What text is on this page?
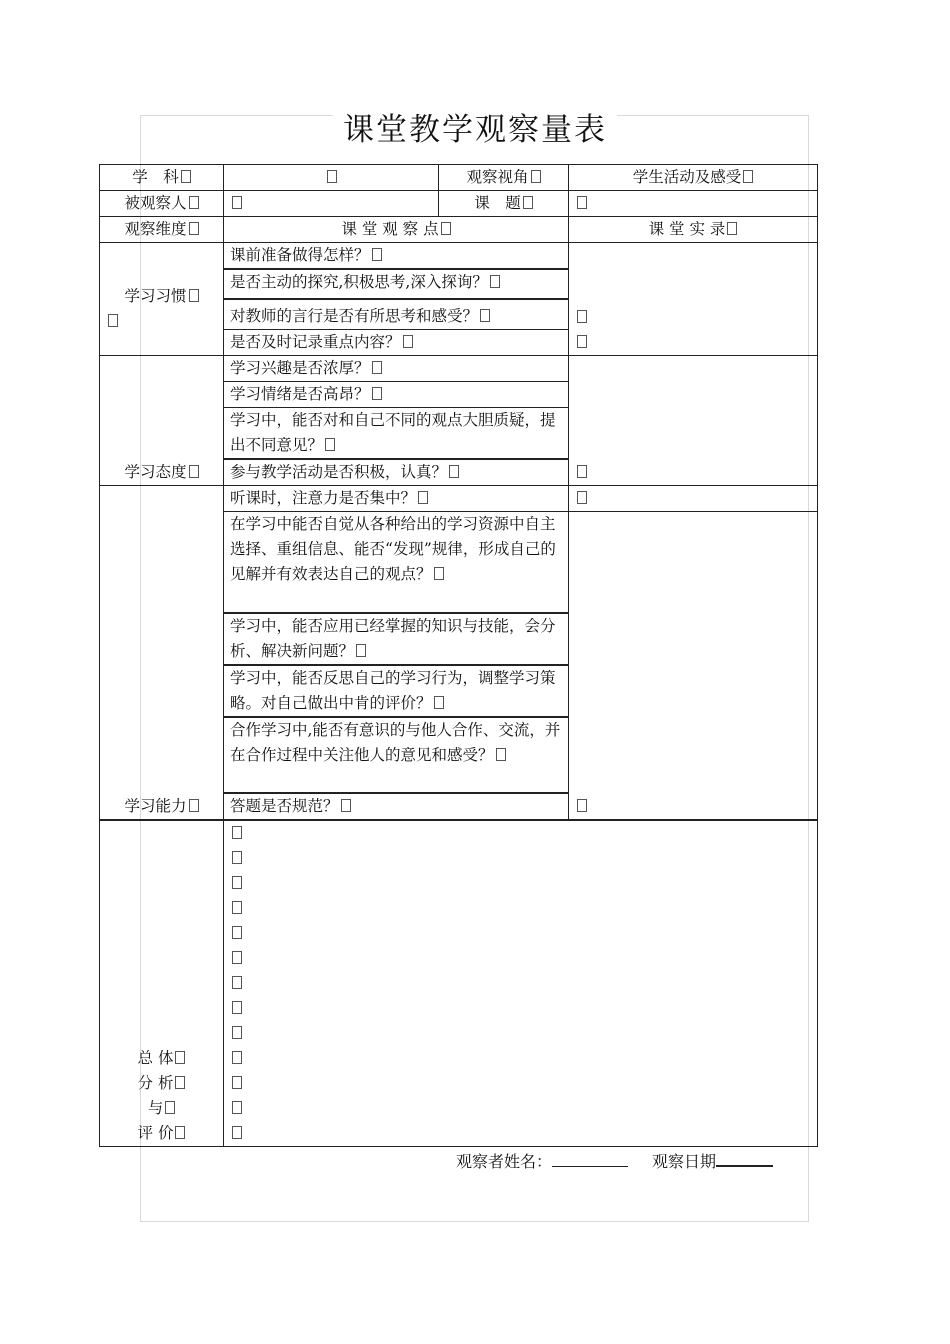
课堂教学观察量表
学　科		观察视角	学生活动及感受
被观察人		课　题	
观察维度	课 堂 观 察 点		课 堂 实 录

学习习惯	课前准备做得怎样？		

	是否主动的探究,积极思考,深入探询？		
	对教师的言行是否有所思考和感受？		
	是否及时记录重点内容？		
学习态度	学习兴趣是否浓厚？		

	学习情绪是否高昂？		
	学习中，能否对和自己不同的观点大胆质疑，提出不同意见？		
	参与教学活动是否积极，认真？		
学习能力	听课时，注意力是否集中？		
	在学习中能否自觉从各种给出的学习资源中自主选择、重组信息、能否“发现”规律，形成自己的见解并有效表达自己的观点？		

	学习中，能否应用已经掌握的知识与技能，会分析、解决新问题？		
	学习中，能否反思自己的学习行为，调整学习策略。对自己做出中肯的评价？		
	合作学习中,能否有意识的与他人合作、交流，并在合作过程中关注他人的意见和感受？		
	答题是否规范？		

总 体
分 析
与
评 价			

观察者姓名：	观察日期
